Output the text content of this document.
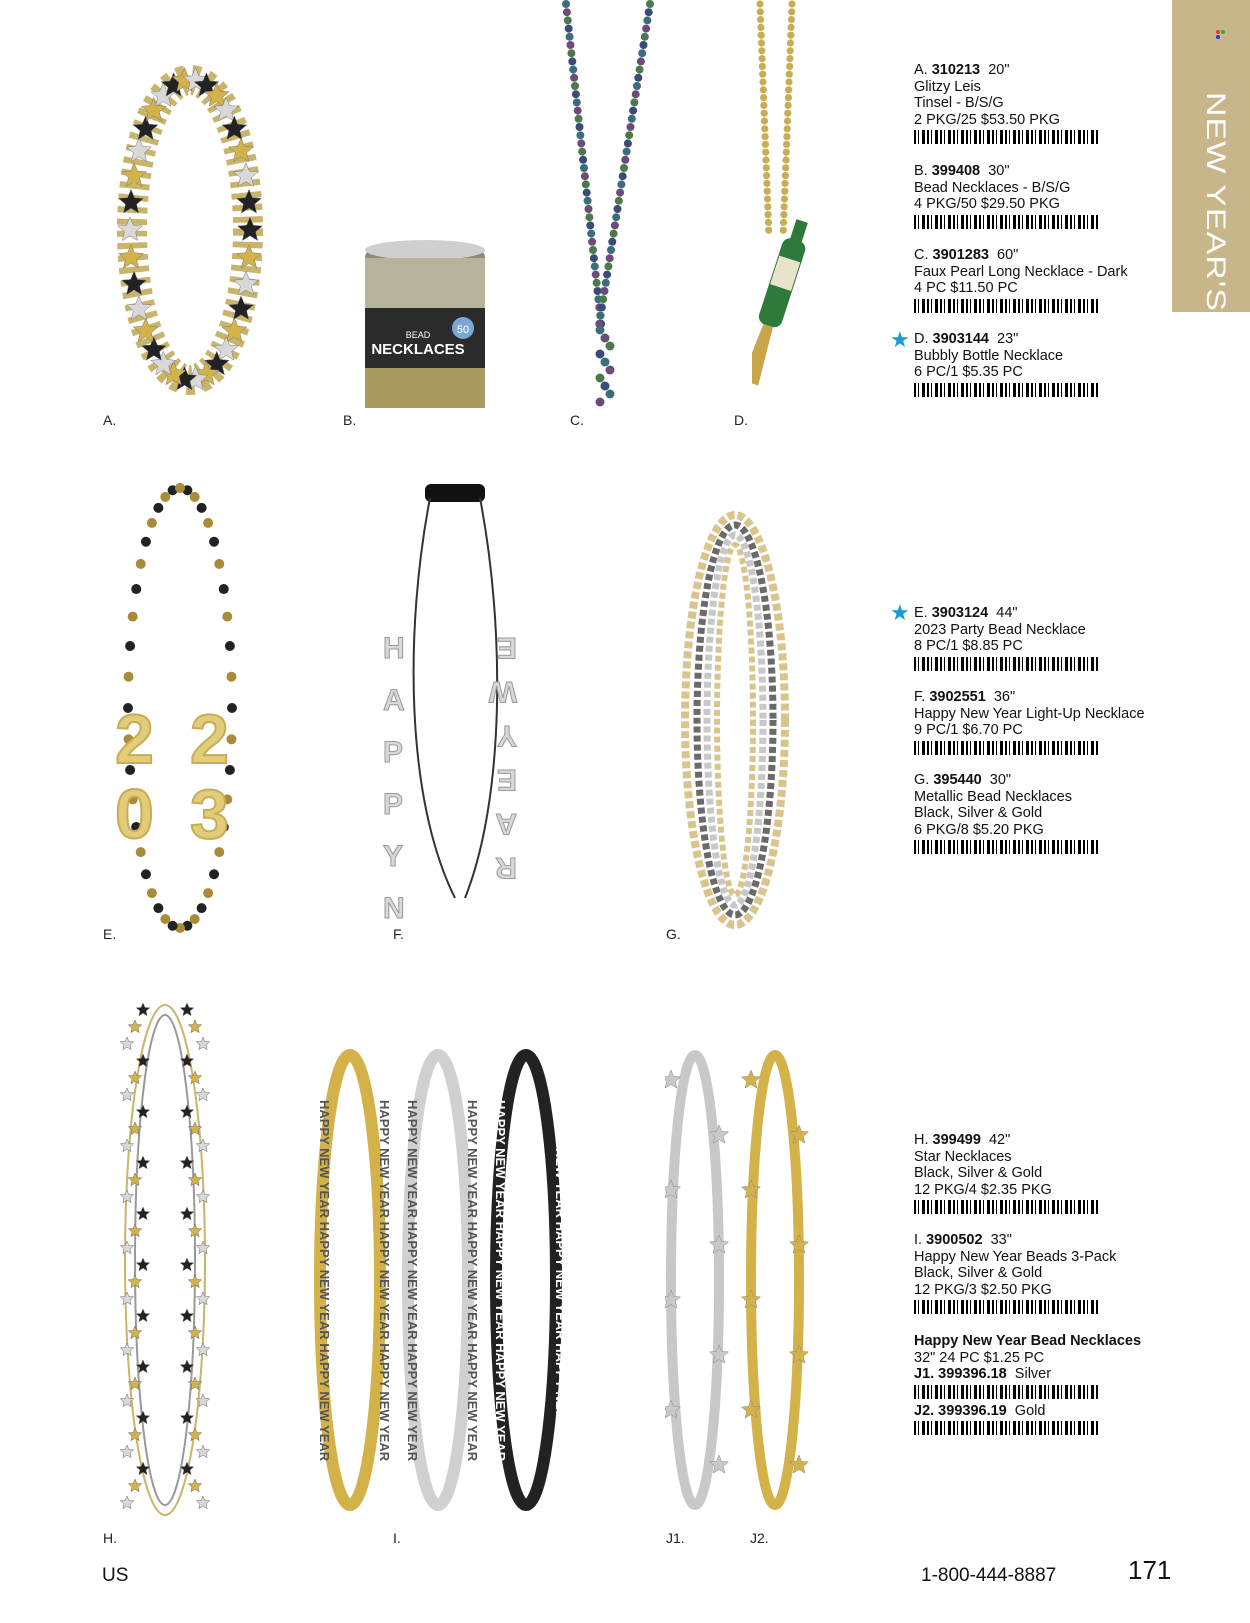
NEW YEAR'S
BEAD
NECKLACES
50
2 2
0 3
H
A
P
P
Y
N
E
W
Y
E
A
R
HAPPY NEW YEAR HAPPY NEW YEAR HAPPY NEW YEAR	HAPPY NEW YEAR HAPPY NEW YEAR HAPPY NEW YEAR HAPPY NEW YEAR HAPPY NEW YEAR HAPPY NEW YEAR	HAPPY NEW YEAR HAPPY NEW YEAR HAPPY NEW YEAR HAPPY NEW YEAR HAPPY NEW YEAR HAPPY NEW YEAR	HAPPY NEW YEAR HAPPY NEW YEAR HAPPY NEW YEAR
A.	B.	C.	D.
E.	F.	G.
H.	I.	J1.	J2.
A. 310213 20"
Glitzy Leis
Tinsel - B/S/G
2 PKG/25 $53.50 PKG
B. 399408 30"
Bead Necklaces - B/S/G
4 PKG/50 $29.50 PKG
C. 3901283 60"
Faux Pearl Long Necklace - Dark
4 PC $11.50 PC
★ D. 3903144 23"
Bubbly Bottle Necklace
6 PC/1 $5.35 PC
★ E. 3903124 44"
2023 Party Bead Necklace
8 PC/1 $8.85 PC
F. 3902551 36"
Happy New Year Light-Up Necklace
9 PC/1 $6.70 PC
G. 395440 30"
Metallic Bead Necklaces
Black, Silver & Gold
6 PKG/8 $5.20 PKG
H. 399499 42"
Star Necklaces
Black, Silver & Gold
12 PKG/4 $2.35 PKG
I. 3900502 33"
Happy New Year Beads 3-Pack
Black, Silver & Gold
12 PKG/3 $2.50 PKG
Happy New Year Bead Necklaces
32" 24 PC $1.25 PC
J1. 399396.18 Silver
J2. 399396.19 Gold
US	1-800-444-8887	171
